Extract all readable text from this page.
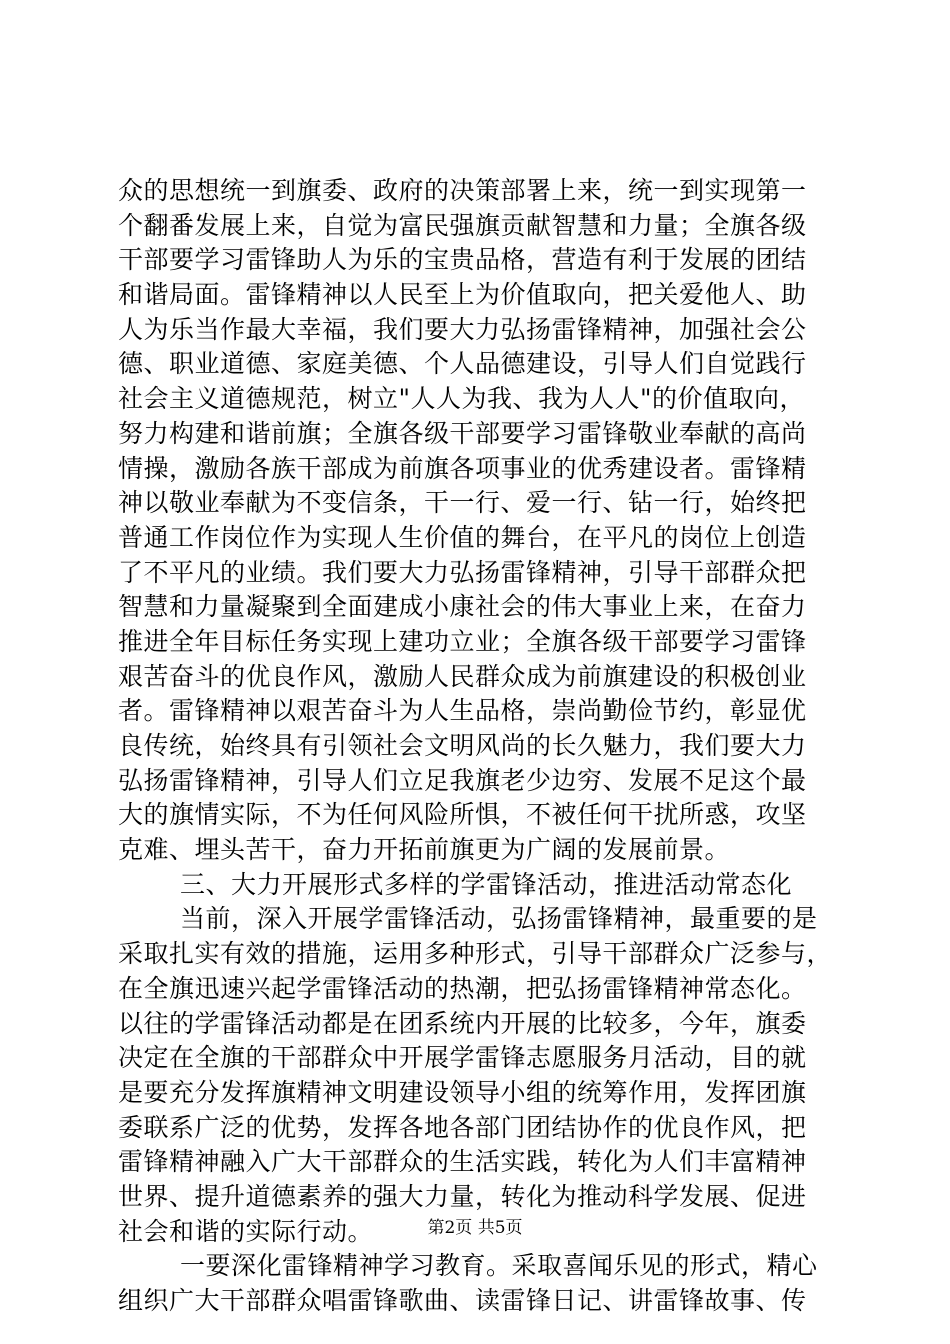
众的思想统一到旗委、政府的决策部署上来，统一到实现第一
个翻番发展上来，自觉为富民强旗贡献智慧和力量；全旗各级
干部要学习雷锋助人为乐的宝贵品格，营造有利于发展的团结
和谐局面。雷锋精神以人民至上为价值取向，把关爱他人、助
人为乐当作最大幸福，我们要大力弘扬雷锋精神，加强社会公
德、职业道德、家庭美德、个人品德建设，引导人们自觉践行
社会主义道德规范，树立"人人为我、我为人人"的价值取向，
努力构建和谐前旗；全旗各级干部要学习雷锋敬业奉献的高尚
情操，激励各族干部成为前旗各项事业的优秀建设者。雷锋精
神以敬业奉献为不变信条，干一行、爱一行、钻一行，始终把
普通工作岗位作为实现人生价值的舞台，在平凡的岗位上创造
了不平凡的业绩。我们要大力弘扬雷锋精神，引导干部群众把
智慧和力量凝聚到全面建成小康社会的伟大事业上来，在奋力
推进全年目标任务实现上建功立业；全旗各级干部要学习雷锋
艰苦奋斗的优良作风，激励人民群众成为前旗建设的积极创业
者。雷锋精神以艰苦奋斗为人生品格，崇尚勤俭节约，彰显优
良传统，始终具有引领社会文明风尚的长久魅力，我们要大力
弘扬雷锋精神，引导人们立足我旗老少边穷、发展不足这个最
大的旗情实际，不为任何风险所惧，不被任何干扰所惑，攻坚
克难、埋头苦干，奋力开拓前旗更为广阔的发展前景。
三、大力开展形式多样的学雷锋活动，推进活动常态化
当前，深入开展学雷锋活动，弘扬雷锋精神，最重要的是
采取扎实有效的措施，运用多种形式，引导干部群众广泛参与，
在全旗迅速兴起学雷锋活动的热潮，把弘扬雷锋精神常态化。
以往的学雷锋活动都是在团系统内开展的比较多，今年，旗委
决定在全旗的干部群众中开展学雷锋志愿服务月活动，目的就
是要充分发挥旗精神文明建设领导小组的统筹作用，发挥团旗
委联系广泛的优势，发挥各地各部门团结协作的优良作风，把
雷锋精神融入广大干部群众的生活实践，转化为人们丰富精神
世界、提升道德素养的强大力量，转化为推动科学发展、促进
社会和谐的实际行动。
一要深化雷锋精神学习教育。采取喜闻乐见的形式，精心
组织广大干部群众唱雷锋歌曲、读雷锋日记、讲雷锋故事、传
第2页 共5页
